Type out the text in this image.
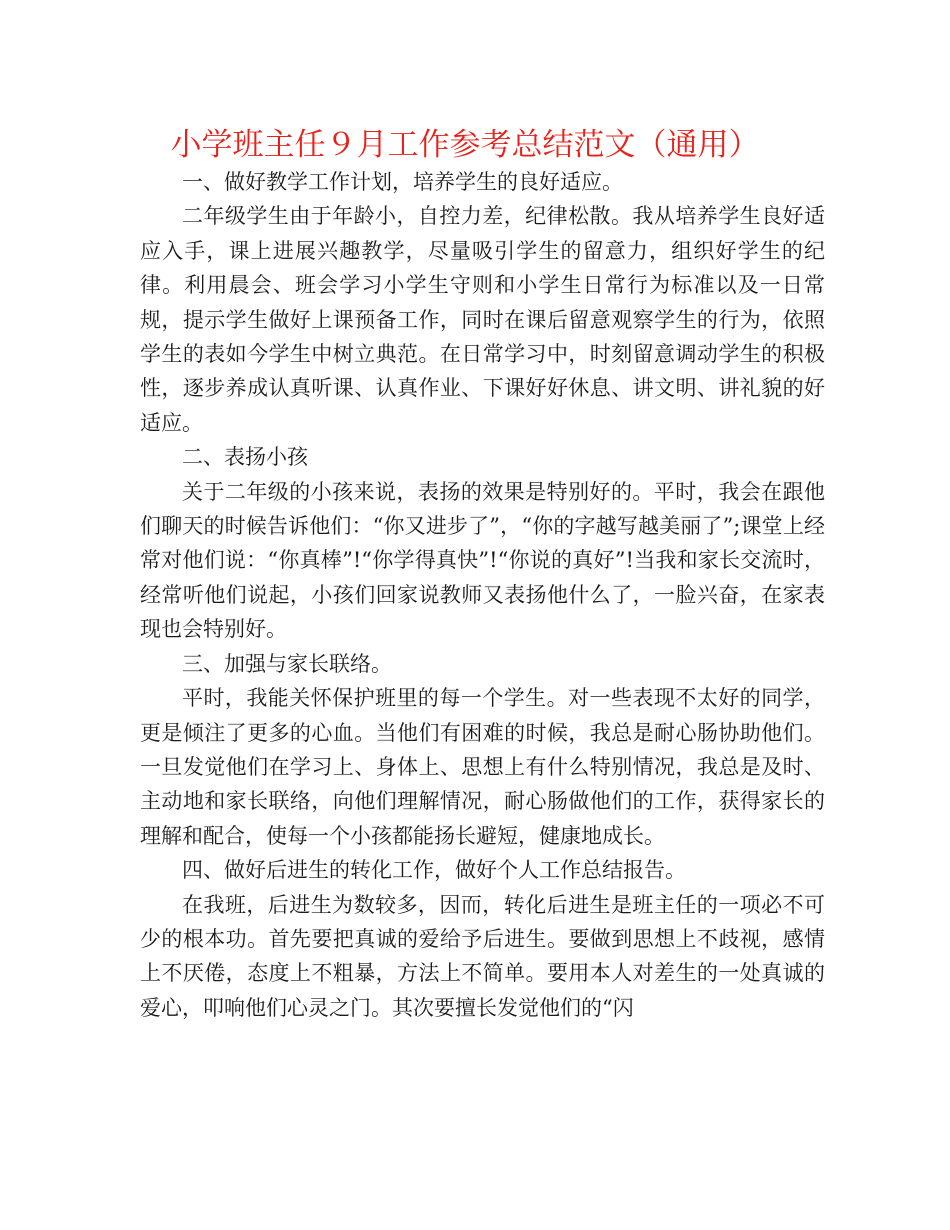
小学班主任９月工作参考总结范文（通用）

一、做好教学工作计划，培养学生的良好适应。

二年级学生由于年龄小，自控力差，纪律松散。我从培养学生良好适应入手，课上进展兴趣教学，尽量吸引学生的留意力，组织好学生的纪律。利用晨会、班会学习小学生守则和小学生日常行为标准以及一日常规，提示学生做好上课预备工作，同时在课后留意观察学生的行为，依照学生的表如今学生中树立典范。在日常学习中，时刻留意调动学生的积极性，逐步养成认真听课、认真作业、下课好好休息、讲文明、讲礼貌的好适应。

二、表扬小孩

关于二年级的小孩来说，表扬的效果是特别好的。平时，我会在跟他们聊天的时候告诉他们：“你又进步了”，“你的字越写越美丽了”;课堂上经常对他们说：“你真棒”!“你学得真快”!“你说的真好”!当我和家长交流时，经常听他们说起，小孩们回家说教师又表扬他什么了，一脸兴奋，在家表现也会特别好。

三、加强与家长联络。

平时，我能关怀保护班里的每一个学生。对一些表现不太好的同学，更是倾注了更多的心血。当他们有困难的时候，我总是耐心肠协助他们。一旦发觉他们在学习上、身体上、思想上有什么特别情况，我总是及时、主动地和家长联络，向他们理解情况，耐心肠做他们的工作，获得家长的理解和配合，使每一个小孩都能扬长避短，健康地成长。

四、做好后进生的转化工作，做好个人工作总结报告。

在我班，后进生为数较多，因而，转化后进生是班主任的一项必不可少的根本功。首先要把真诚的爱给予后进生。要做到思想上不歧视，感情上不厌倦，态度上不粗暴，方法上不简单。要用本人对差生的一处真诚的爱心，叩响他们心灵之门。其次要擅长发觉他们的“闪
